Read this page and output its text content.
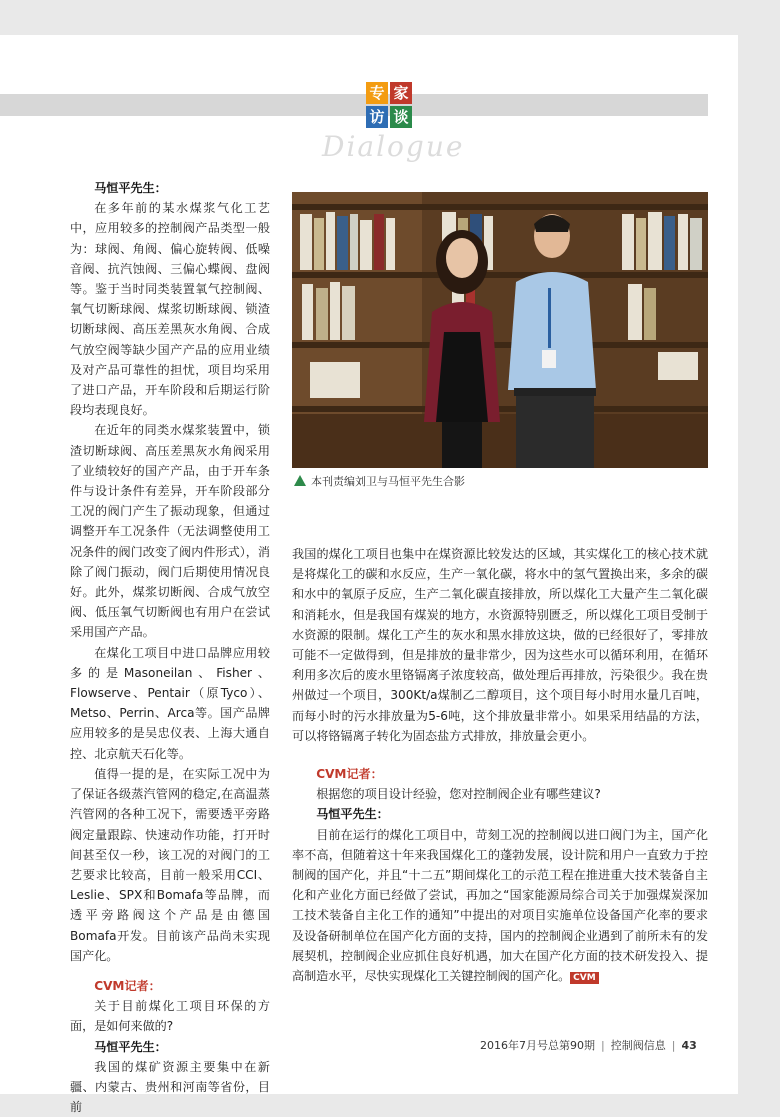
专 家
访 谈
Dialogue

马恒平先生：

在多年前的某水煤浆气化工艺中，应用较多的控制阀产品类型一般为：球阀、角阀、偏心旋转阀、低噪音阀、抗汽蚀阀、三偏心蝶阀、盘阀等。鉴于当时同类装置氧气控制阀、氧气切断球阀、煤浆切断球阀、锁渣切断球阀、高压差黑灰水角阀、合成气放空阀等缺少国产产品的应用业绩及对产品可靠性的担忧，项目均采用了进口产品，开车阶段和后期运行阶段均表现良好。

在近年的同类水煤浆装置中，锁渣切断球阀、高压差黑灰水角阀采用了业绩较好的国产产品，由于开车条件与设计条件有差异，开车阶段部分工况的阀门产生了振动现象，但通过调整开车工况条件（无法调整使用工况条件的阀门改变了阀内件形式），消除了阀门振动，阀门后期使用情况良好。此外，煤浆切断阀、合成气放空阀、低压氧气切断阀也有用户在尝试采用国产产品。

在煤化工项目中进口品牌应用较多的是Masoneilan、Fisher、Flowserve、Pentair（原Tyco）、Metso、Perrin、Arca等。国产品牌应用较多的是吴忠仪表、上海大通自控、北京航天石化等。

值得一提的是，在实际工况中为了保证各级蒸汽管网的稳定,在高温蒸汽管网的各种工况下，需要透平旁路阀定量跟踪、快速动作功能，打开时间甚至仅一秒，该工况的对阀门的工艺要求比较高，目前一般采用CCI、Leslie、SPX和Bomafa等品牌，而透平旁路阀这个产品是由德国Bomafa开发。目前该产品尚未实现国产化。

CVM记者：

关于目前煤化工项目环保的方面，是如何来做的?

马恒平先生：

我国的煤矿资源主要集中在新疆、内蒙古、贵州和河南等省份，目前

本刊责编刘卫与马恒平先生合影

我国的煤化工项目也集中在煤资源比较发达的区域，其实煤化工的核心技术就是将煤化工的碳和水反应，生产一氧化碳，将水中的氢气置换出来，多余的碳和水中的氧原子反应，生产二氧化碳直接排放，所以煤化工大量产生二氧化碳和消耗水，但是我国有煤炭的地方，水资源特别匮乏，所以煤化工项目受制于水资源的限制。煤化工产生的灰水和黑水排放这块，做的已经很好了，零排放可能不一定做得到，但是排放的量非常少，因为这些水可以循环利用，在循环利用多次后的废水里铬镉离子浓度较高，做处理后再排放，污染很少。我在贵州做过一个项目，300Kt/a煤制乙二醇项目，这个项目每小时用水量几百吨，而每小时的污水排放量为5-6吨，这个排放量非常小。如果采用结晶的方法，可以将铬镉离子转化为固态盐方式排放，排放量会更小。

CVM记者：

根据您的项目设计经验，您对控制阀企业有哪些建议?

马恒平先生：

目前在运行的煤化工项目中，苛刻工况的控制阀以进口阀门为主，国产化率不高，但随着这十年来我国煤化工的蓬勃发展，设计院和用户一直致力于控制阀的国产化，并且“十二五”期间煤化工的示范工程在推进重大技术装备自主化和产业化方面已经做了尝试，再加之“国家能源局综合司关于加强煤炭深加工技术装备自主化工作的通知”中提出的对项目实施单位设备国产化率的要求及设备研制单位在国产化方面的支持，国内的控制阀企业遇到了前所未有的发展契机，控制阀企业应抓住良好机遇，加大在国产化方面的技术研发投入、提高制造水平，尽快实现煤化工关键控制阀的国产化。 CVM

2016年7月号总第90期 | 控制阀信息 | 43
